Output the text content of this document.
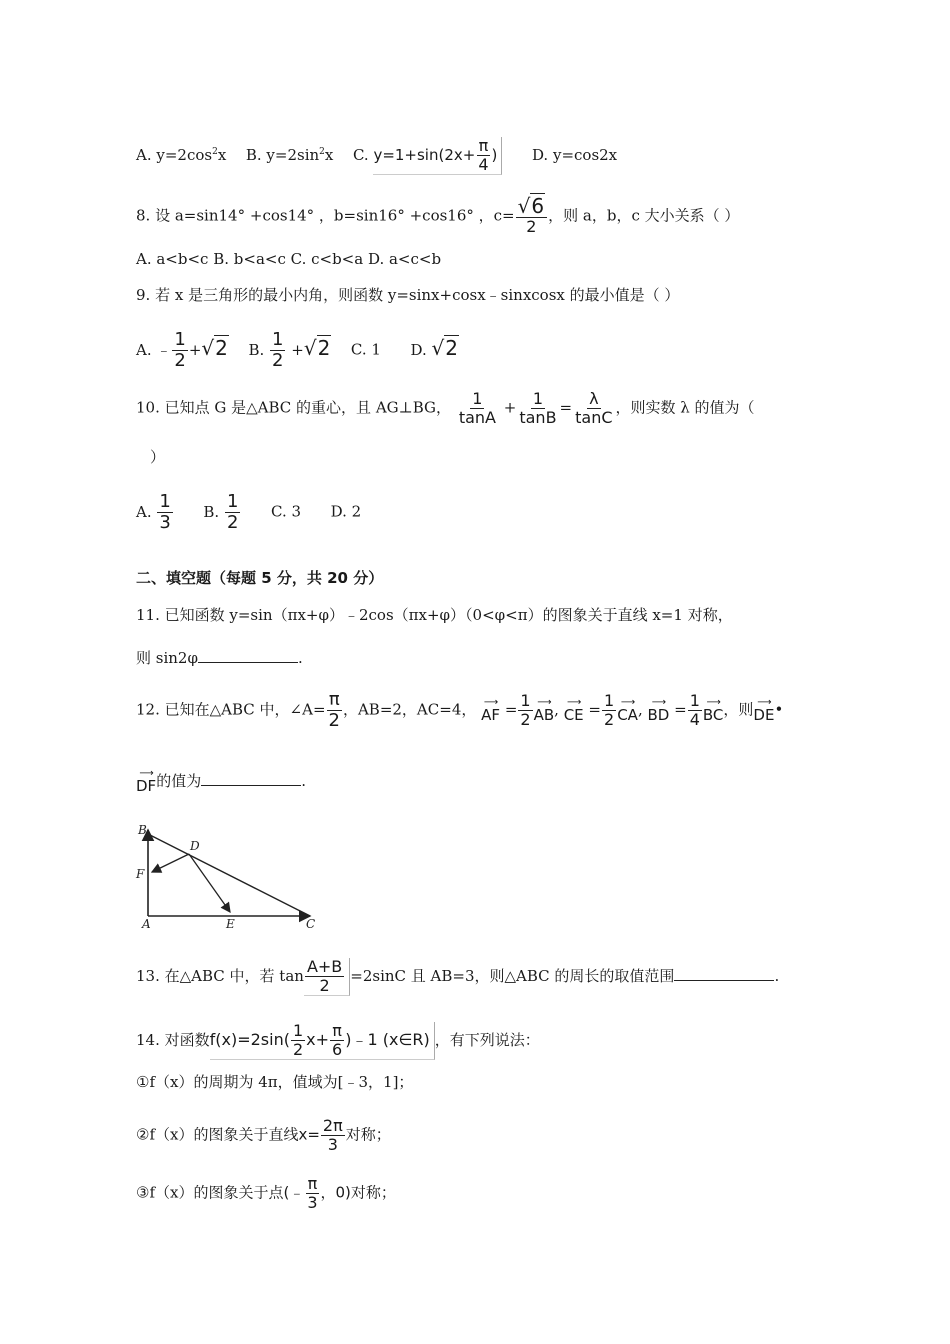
A. $y=2\cos^2x$ B. $y=2\sin^2x$ C. $y=1+\sin(2x+ \frac{\pi}{4}$ ) D. y=cos2x
8. 设 a=sin14° +cos14° ，b=sin16° +cos16° ，$c= \frac{√6}{2}$ ，则 a，b，c 大小关系（ ）
A. a<b<c B. b<a<c C. c<b<a D. a<c<b
9. 若 x 是三角形的最小内角，则函数 y=sinx+cosx﹣sinxcosx 的最小值是（ ）
A. ﹣ $\frac{1}{2} +√2$ B. $\frac{1}{2} +√2$ C. 1 D. √2
10. 已知点 G 是△ABC 的重心，且 AG⊥BG， $\frac{1}{\tan A} + \frac{1}{\tan B} = \frac{\lambda}{\tan C}$ ，则实数 λ 的值为（
）
A. $\frac{1}{3} B$. $\frac{1}{2} C$. 3 D. 2
二、填空题（每题 5 分，共 20 分）
11. 已知函数 y=sin（πx+φ）﹣2cos（πx+φ）（0<φ<π）的图象关于直线 x=1 对称，
则 sin2φ	.
12. 已知在△ABC 中，∠A= $\frac{\pi}{2}$ ，AB=2，AC=4， ⟶
AF = $\frac{1}{2}$ ⟶
AB , ⟶
CE = $\frac{1}{2}$ ⟶
CA , ⟶
BD = $\frac{1}{4}$ ⟶
BC ，则 ⟶
DE •
⟶
DF 的值为	.
B
D
F
A	E	C
13. 在△ABC 中，若 $\tan \frac{A+B}{2} =2\sin C$ 且 AB=3，则△ABC 的周长的取值范围	.
14. 对函数$f(x)=2\sin( \frac{1}{2} x+ \frac{\pi}{6}$ )﹣1 (x∈R) ，有下列说法：
①f（x）的周期为 4π，值域为[﹣3，1]；
②f（x）的图象关于直线$x= \frac{2\pi}{3}$ 对称；
③f（x）的图象关于点(﹣ $\frac{\pi}{3}$ ，0)对称；
